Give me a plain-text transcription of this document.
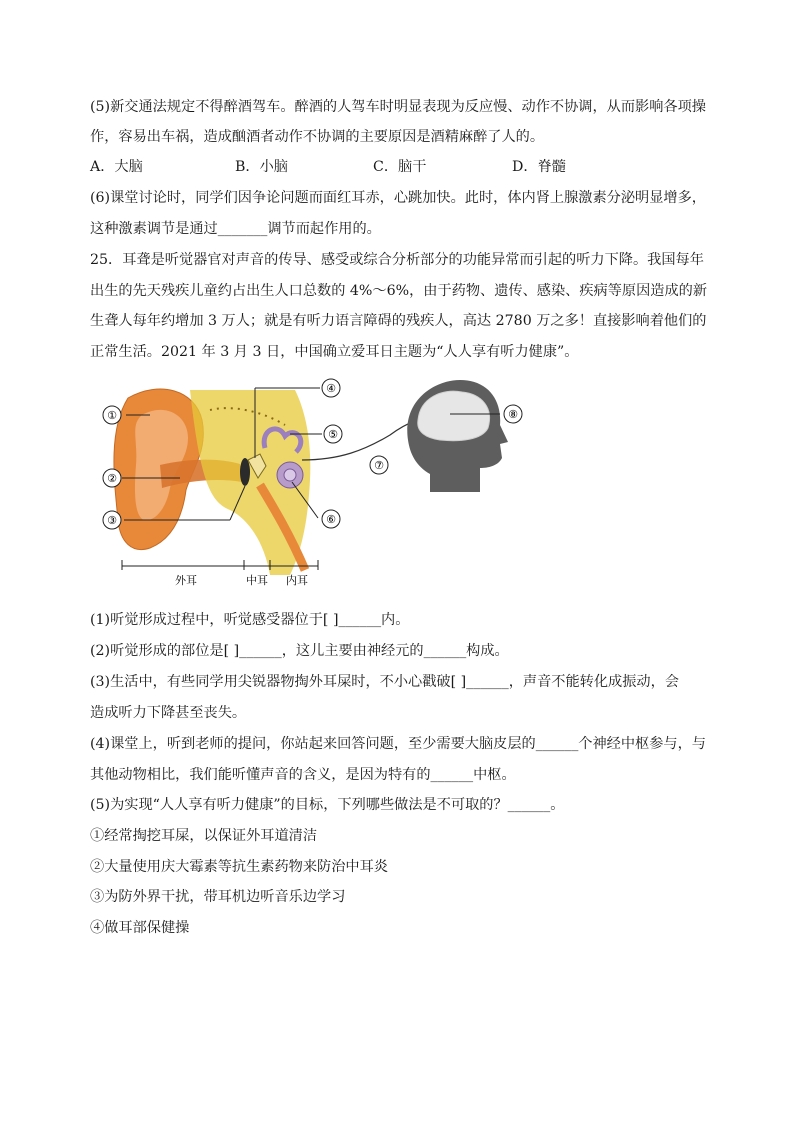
(5)新交通法规定不得醉酒驾车。醉酒的人驾车时明显表现为反应慢、动作不协调，从而影响各项操
作，容易出车祸，造成酗酒者动作不协调的主要原因是酒精麻醉了人的。
A．大脑	B．小脑	C．脑干	D．脊髓
(6)课堂讨论时，同学们因争论问题而面红耳赤，心跳加快。此时，体内肾上腺激素分泌明显增多，
这种激素调节是通过_______调节而起作用的。
25．耳聋是听觉器官对声音的传导、感受或综合分析部分的功能异常而引起的听力下降。我国每年
出生的先天残疾儿童约占出生人口总数的 4%～6%，由于药物、遗传、感染、疾病等原因造成的新
生聋人每年约增加 3 万人；就是有听力语言障碍的残疾人，高达 2780 万之多！直接影响着他们的
正常生活。2021 年 3 月 3 日，中国确立爱耳日主题为“人人享有听力健康”。
①
②
③
④
⑤
⑥
⑦
⑧
外耳	中耳 内耳
(1)听觉形成过程中，听觉感受器位于[ ]______内。
(2)听觉形成的部位是[ ]______，这儿主要由神经元的______构成。
(3)生活中，有些同学用尖锐器物掏外耳屎时，不小心戳破[ ]______，声音不能转化成振动，会
造成听力下降甚至丧失。
(4)课堂上，听到老师的提问，你站起来回答问题，至少需要大脑皮层的______个神经中枢参与，与
其他动物相比，我们能听懂声音的含义，是因为特有的______中枢。
(5)为实现“人人享有听力健康”的目标，下列哪些做法是不可取的？______。
①经常掏挖耳屎，以保证外耳道清洁
②大量使用庆大霉素等抗生素药物来防治中耳炎
③为防外界干扰，带耳机边听音乐边学习
④做耳部保健操
